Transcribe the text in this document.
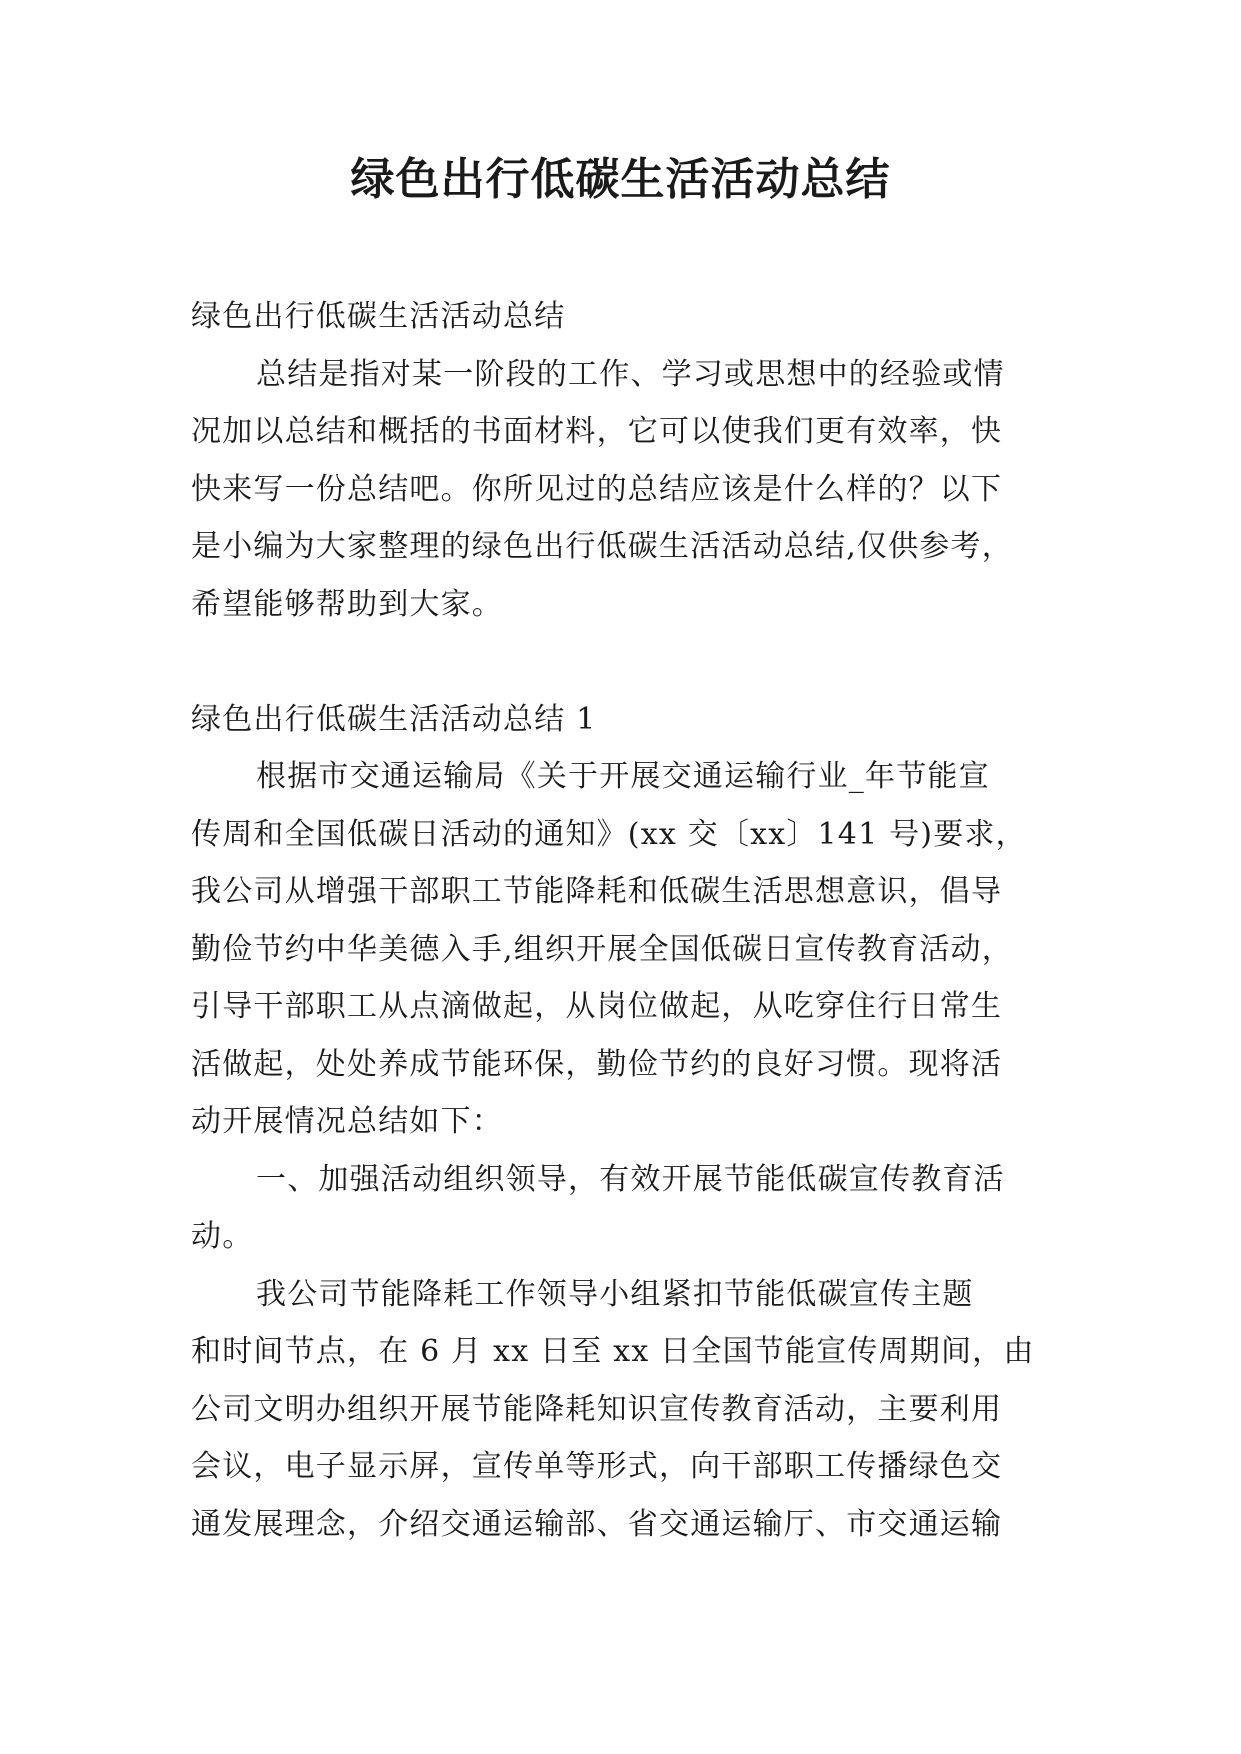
绿色出行低碳生活活动总结

绿色出行低碳生活活动总结

总结是指对某一阶段的工作、学习或思想中的经验或情

况加以总结和概括的书面材料，它可以使我们更有效率，快

快来写一份总结吧。你所见过的总结应该是什么样的？以下

是小编为大家整理的绿色出行低碳生活活动总结,仅供参考，

希望能够帮助到大家。

绿色出行低碳生活活动总结 1

根据市交通运输局《关于开展交通运输行业_年节能宣

传周和全国低碳日活动的通知》(xx 交〔xx〕141 号)要求，

我公司从增强干部职工节能降耗和低碳生活思想意识，倡导

勤俭节约中华美德入手,组织开展全国低碳日宣传教育活动，

引导干部职工从点滴做起，从岗位做起，从吃穿住行日常生

活做起，处处养成节能环保，勤俭节约的良好习惯。现将活

动开展情况总结如下：

一、加强活动组织领导，有效开展节能低碳宣传教育活

动。

我公司节能降耗工作领导小组紧扣节能低碳宣传主题

和时间节点，在 6 月 xx 日至 xx 日全国节能宣传周期间，由

公司文明办组织开展节能降耗知识宣传教育活动，主要利用

会议，电子显示屏，宣传单等形式，向干部职工传播绿色交

通发展理念，介绍交通运输部、省交通运输厅、市交通运输
